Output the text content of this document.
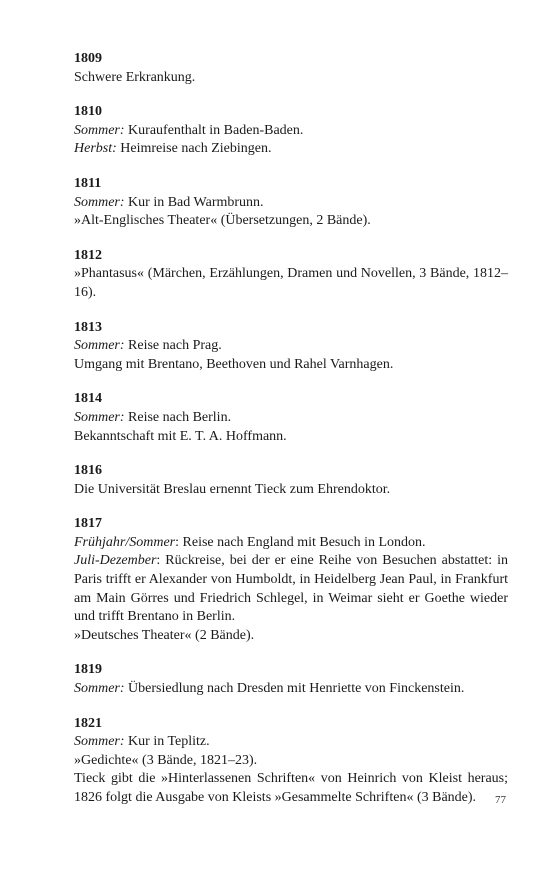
1809
Schwere Erkrankung.
1810
Sommer: Kuraufenthalt in Baden-Baden.
Herbst: Heimreise nach Ziebingen.
1811
Sommer: Kur in Bad Warmbrunn.
»Alt-Englisches Theater« (Übersetzungen, 2 Bände).
1812
»Phantasus« (Märchen, Erzählungen, Dramen und Novellen, 3 Bände, 1812–16).
1813
Sommer: Reise nach Prag.
Umgang mit Brentano, Beethoven und Rahel Varnhagen.
1814
Sommer: Reise nach Berlin.
Bekanntschaft mit E. T. A. Hoffmann.
1816
Die Universität Breslau ernennt Tieck zum Ehrendoktor.
1817
Frühjahr/Sommer: Reise nach England mit Besuch in London.
Juli-Dezember: Rückreise, bei der er eine Reihe von Besuchen abstattet: in Paris trifft er Alexander von Humboldt, in Heidelberg Jean Paul, in Frankfurt am Main Görres und Friedrich Schlegel, in Weimar sieht er Goethe wieder und trifft Brentano in Berlin.
»Deutsches Theater« (2 Bände).
1819
Sommer: Übersiedlung nach Dresden mit Henriette von Finckenstein.
1821
Sommer: Kur in Teplitz.
»Gedichte« (3 Bände, 1821–23).
Tieck gibt die »Hinterlassenen Schriften« von Heinrich von Kleist heraus; 1826 folgt die Ausgabe von Kleists »Gesammelte Schriften« (3 Bände).	77
